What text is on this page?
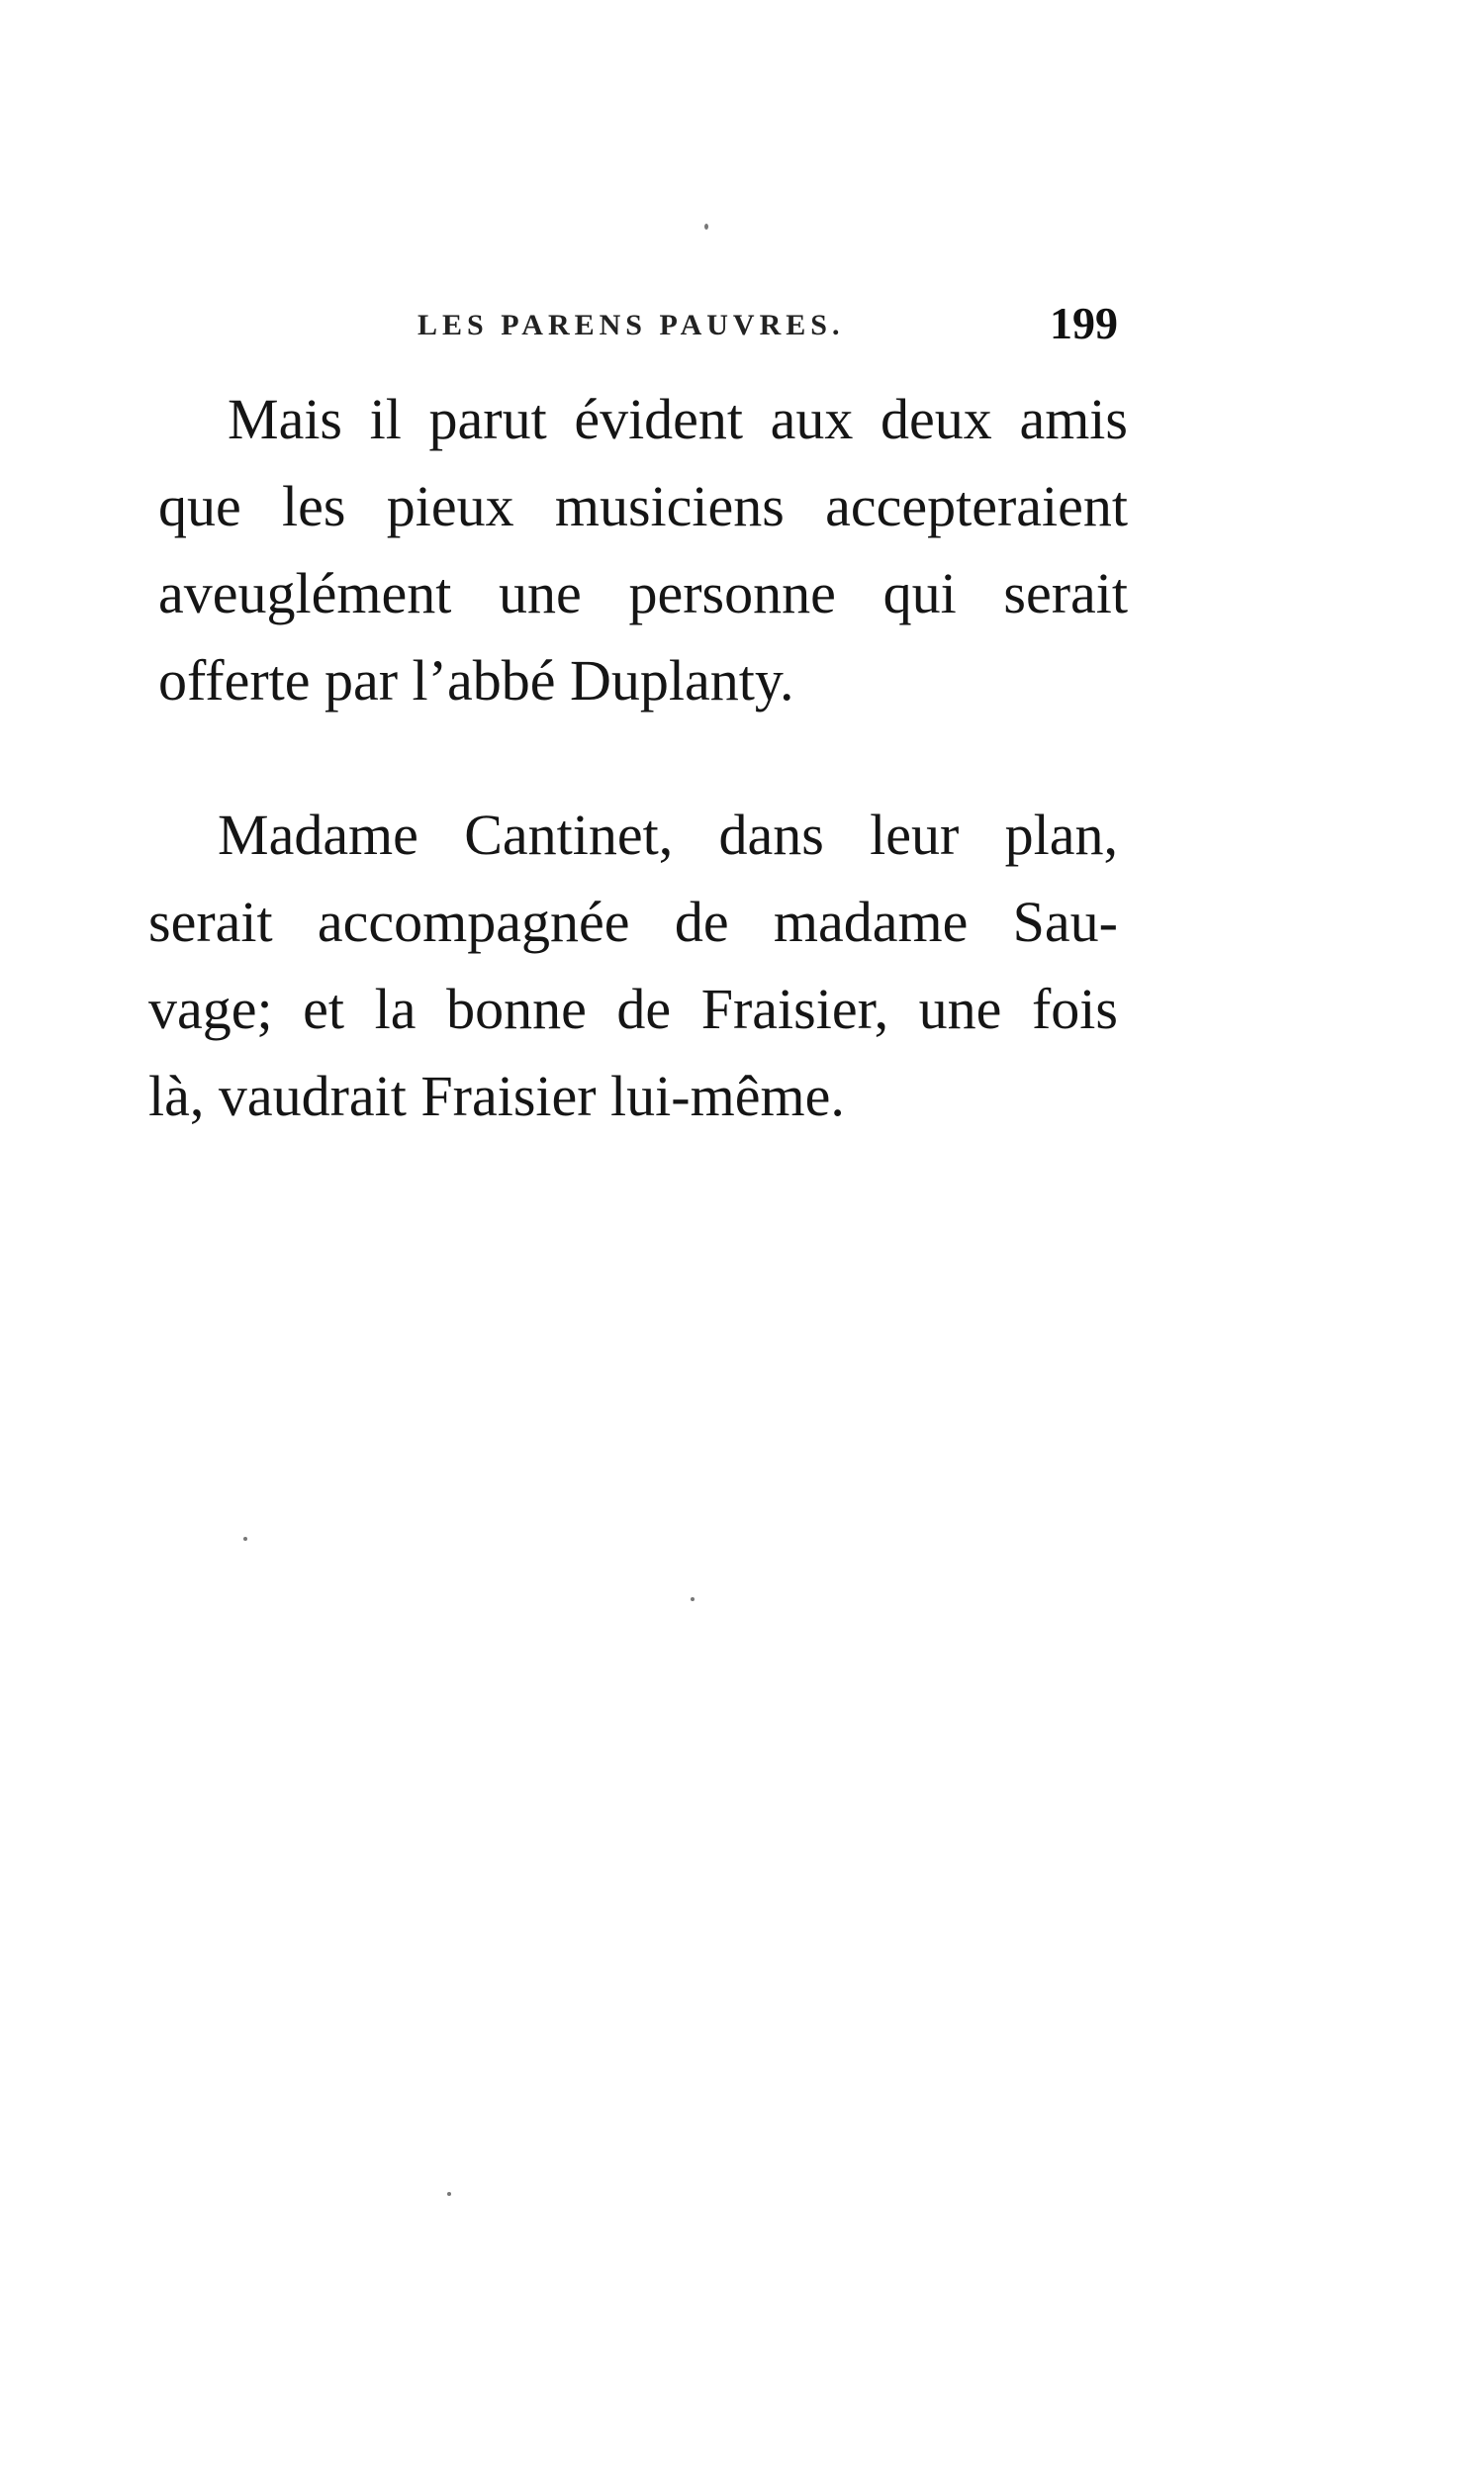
LES PARENS PAUVRES.	199

Mais il parut évident aux deux amis
que les pieux musiciens accepteraient
aveuglément une personne qui serait
offerte par l’abbé Duplanty.

Madame Cantinet, dans leur plan,
serait accompagnée de madame Sau-
vage; et la bonne de Fraisier, une fois
là, vaudrait Fraisier lui-même.
